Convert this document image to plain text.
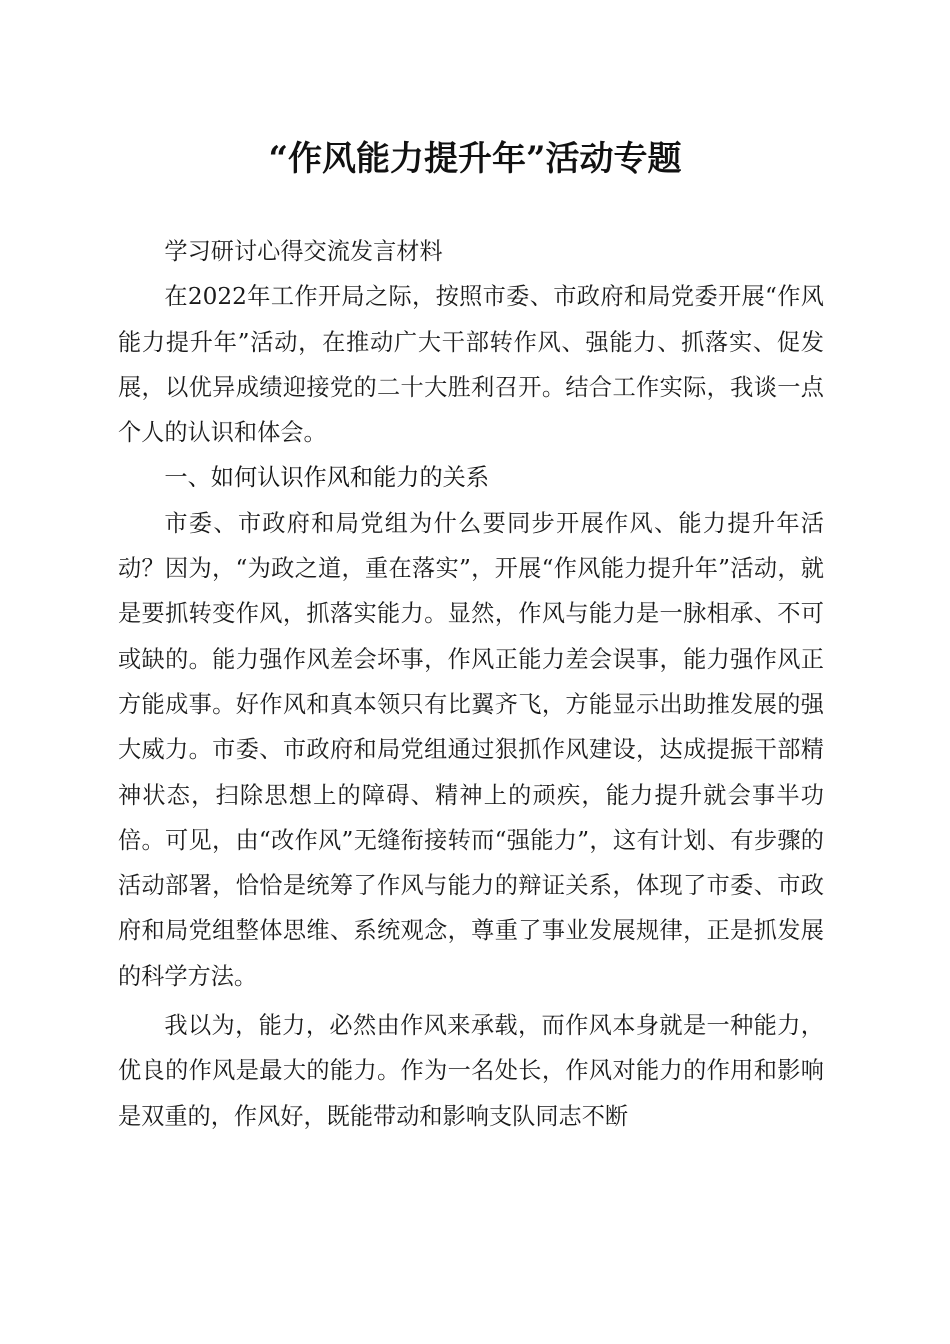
“作风能力提升年”活动专题

学习研讨心得交流发言材料

在2022年工作开局之际，按照市委、市政府和局党委开展“作风能力提升年”活动，在推动广大干部转作风、强能力、抓落实、促发展，以优异成绩迎接党的二十大胜利召开。结合工作实际，我谈一点个人的认识和体会。

一、如何认识作风和能力的关系

市委、市政府和局党组为什么要同步开展作风、能力提升年活动？因为，“为政之道，重在落实”，开展“作风能力提升年”活动，就是要抓转变作风，抓落实能力。显然，作风与能力是一脉相承、不可或缺的。能力强作风差会坏事，作风正能力差会误事，能力强作风正方能成事。好作风和真本领只有比翼齐飞，方能显示出助推发展的强大威力。市委、市政府和局党组通过狠抓作风建设，达成提振干部精神状态，扫除思想上的障碍、精神上的顽疾，能力提升就会事半功倍。可见，由“改作风”无缝衔接转而“强能力”，这有计划、有步骤的活动部署，恰恰是统筹了作风与能力的辩证关系，体现了市委、市政府和局党组整体思维、系统观念，尊重了事业发展规律，正是抓发展的科学方法。

我以为，能力，必然由作风来承载，而作风本身就是一种能力，优良的作风是最大的能力。作为一名处长，作风对能力的作用和影响是双重的，作风好，既能带动和影响支队同志不断
